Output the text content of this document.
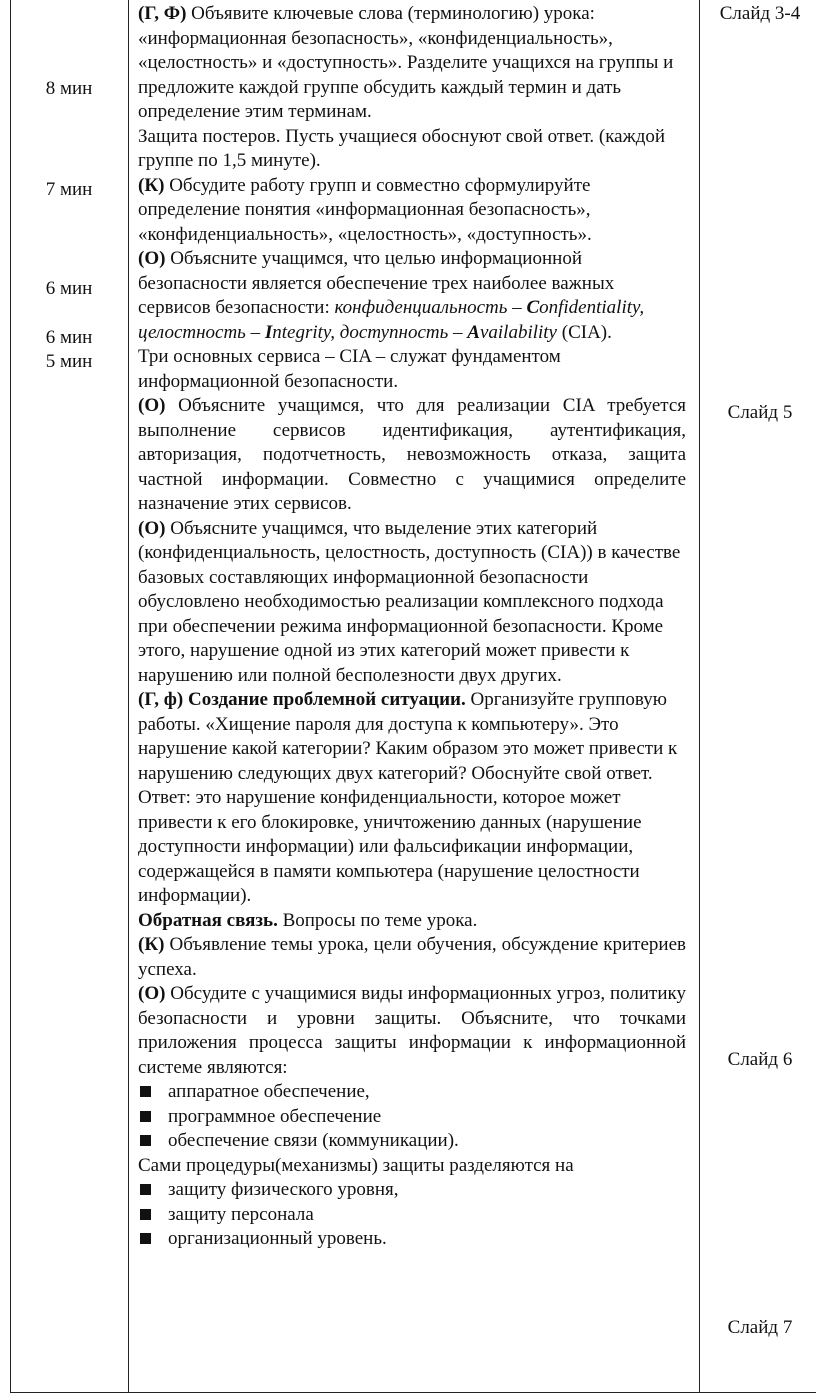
8 мин
7 мин
6 мин
6 мин
5 мин
Слайд 3-4
Слайд 5
Слайд 6
Слайд 7

(Г, Ф) Объявите ключевые слова (терминологию) урока: «информационная безопасность», «конфиденциальность», «целостность» и «доступность». Разделите учащихся на группы и предложите каждой группе обсудить каждый термин и дать определение этим терминам.

Защита постеров. Пусть учащиеся обоснуют свой ответ. (каждой группе по 1,5 минуте).

(К) Обсудите работу групп и совместно сформулируйте определение понятия «информационная безопасность», «конфиденциальность», «целостность», «доступность».

(О) Объясните учащимся, что целью информационной безопасности является обеспечение трех наиболее важных сервисов безопасности: конфиденциальность – Confidentiality, целостность – Integrity, доступность – Availability (CIA).

Три основных сервиса – CIA – служат фундаментом информационной безопасности.

(О) Объясните учащимся, что для реализации CIA требуется выполнение сервисов идентификация, аутентификация, авторизация, подотчетность, невозможность отказа, защита частной информации. Совместно с учащимися определите назначение этих сервисов.

(О) Объясните учащимся, что выделение этих категорий (конфиденциальность, целостность, доступность (CIA)) в качестве базовых составляющих информационной безопасности обусловлено необходимостью реализации комплексного подхода при обеспечении режима информационной безопасности. Кроме этого, нарушение одной из этих категорий может привести к нарушению или полной бесполезности двух других.

(Г, ф) Создание проблемной ситуации. Организуйте групповую работы. «Хищение пароля для доступа к компьютеру». Это нарушение какой категории? Каким образом это может привести к нарушению следующих двух категорий? Обоснуйте свой ответ.

Ответ: это нарушение конфиденциальности, которое может привести к его блокировке, уничтожению данных (нарушение доступности информации) или фальсификации информации, содержащейся в памяти компьютера (нарушение целостности информации).

Обратная связь. Вопросы по теме урока.

(К) Объявление темы урока, цели обучения, обсуждение критериев успеха.

(О) Обсудите с учащимися виды информационных угроз, политику безопасности и уровни защиты. Объясните, что точками приложения процесса защиты информации к информационной системе являются:

аппаратное обеспечение,

программное обеспечение

обеспечение связи (коммуникации).

Сами процедуры(механизмы) защиты разделяются на

защиту физического уровня,

защиту персонала

организационный уровень.
